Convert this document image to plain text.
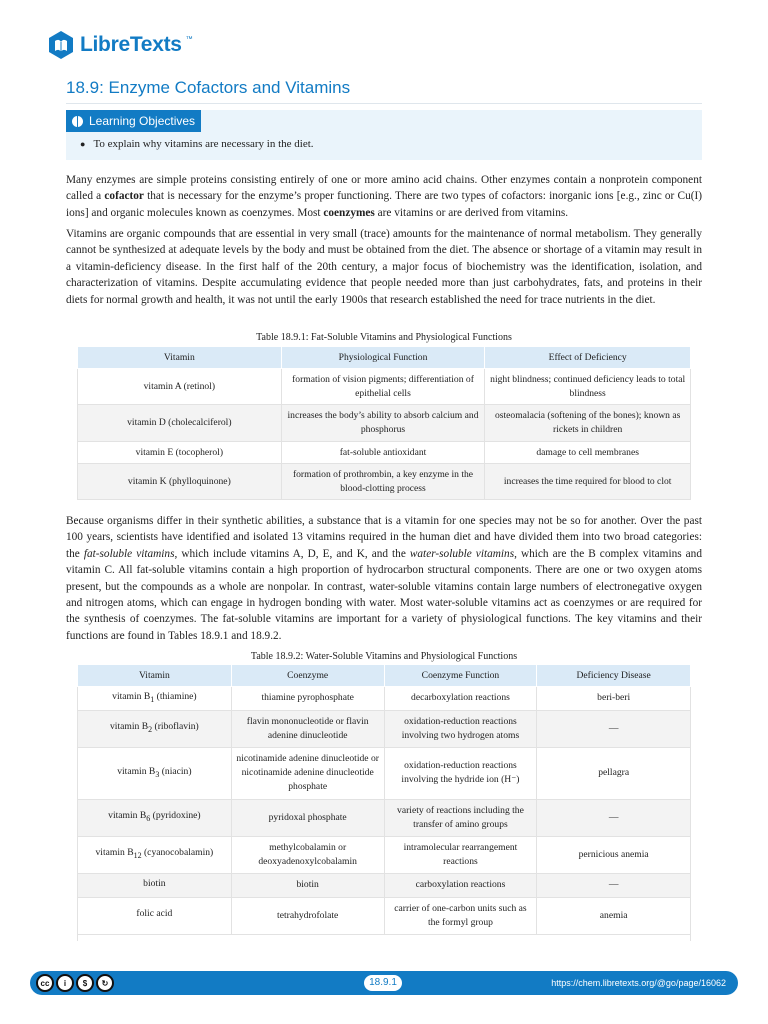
LibreTexts ™
18.9: Enzyme Cofactors and Vitamins
Learning Objectives
● To explain why vitamins are necessary in the diet.

Many enzymes are simple proteins consisting entirely of one or more amino acid chains. Other enzymes contain a nonprotein component called a cofactor that is necessary for the enzyme’s proper functioning. There are two types of cofactors: inorganic ions [e.g., zinc or Cu(I) ions] and organic molecules known as coenzymes. Most coenzymes are vitamins or are derived from vitamins.

Vitamins are organic compounds that are essential in very small (trace) amounts for the maintenance of normal metabolism. They generally cannot be synthesized at adequate levels by the body and must be obtained from the diet. The absence or shortage of a vitamin may result in a vitamin-deficiency disease. In the first half of the 20th century, a major focus of biochemistry was the identification, isolation, and characterization of vitamins. Despite accumulating evidence that people needed more than just carbohydrates, fats, and proteins in their diets for normal growth and health, it was not until the early 1900s that research established the need for trace nutrients in the diet.

Table 18.9.1: Fat-Soluble Vitamins and Physiological Functions
Vitamin	Physiological Function	Effect of Deficiency
vitamin A (retinol)	formation of vision pigments; differentiation of epithelial cells	night blindness; continued deficiency leads to total blindness
vitamin D (cholecalciferol)	increases the body’s ability to absorb calcium and phosphorus	osteomalacia (softening of the bones); known as rickets in children
vitamin E (tocopherol)	fat-soluble antioxidant	damage to cell membranes
vitamin K (phylloquinone)	formation of prothrombin, a key enzyme in the blood-clotting process	increases the time required for blood to clot

Because organisms differ in their synthetic abilities, a substance that is a vitamin for one species may not be so for another. Over the past 100 years, scientists have identified and isolated 13 vitamins required in the human diet and have divided them into two broad categories: the fat-soluble vitamins, which include vitamins A, D, E, and K, and the water-soluble vitamins, which are the B complex vitamins and vitamin C. All fat-soluble vitamins contain a high proportion of hydrocarbon structural components. There are one or two oxygen atoms present, but the compounds as a whole are nonpolar. In contrast, water-soluble vitamins contain large numbers of electronegative oxygen and nitrogen atoms, which can engage in hydrogen bonding with water. Most water-soluble vitamins act as coenzymes or are required for the synthesis of coenzymes. The fat-soluble vitamins are important for a variety of physiological functions. The key vitamins and their functions are found in Tables 18.9.1 and 18.9.2.

Table 18.9.2: Water-Soluble Vitamins and Physiological Functions
Vitamin	Coenzyme	Coenzyme Function	Deficiency Disease
vitamin $B_1$ (thiamine)	thiamine pyrophosphate	decarboxylation reactions	beri-beri
vitamin $B_2$ (riboflavin)	flavin mononucleotide or flavin adenine dinucleotide	oxidation-reduction reactions involving two hydrogen atoms	—
vitamin $B_3$ (niacin)	nicotinamide adenine dinucleotide or nicotinamide adenine dinucleotide phosphate	oxidation-reduction reactions involving the hydride ion (H⁻)	pellagra
vitamin $B_6$ (pyridoxine)	pyridoxal phosphate	variety of reactions including the transfer of amino groups	—
vitamin $B_{12}$ (cyanocobalamin)	methylcobalamin or deoxyadenoxylcobalamin	intramolecular rearrangement reactions	pernicious anemia
biotin	biotin	carboxylation reactions	—
folic acid	tetrahydrofolate	carrier of one-carbon units such as the formyl group	anemia
cc	i	$	↻	18.9.1	https://chem.libretexts.org/@go/page/16062
